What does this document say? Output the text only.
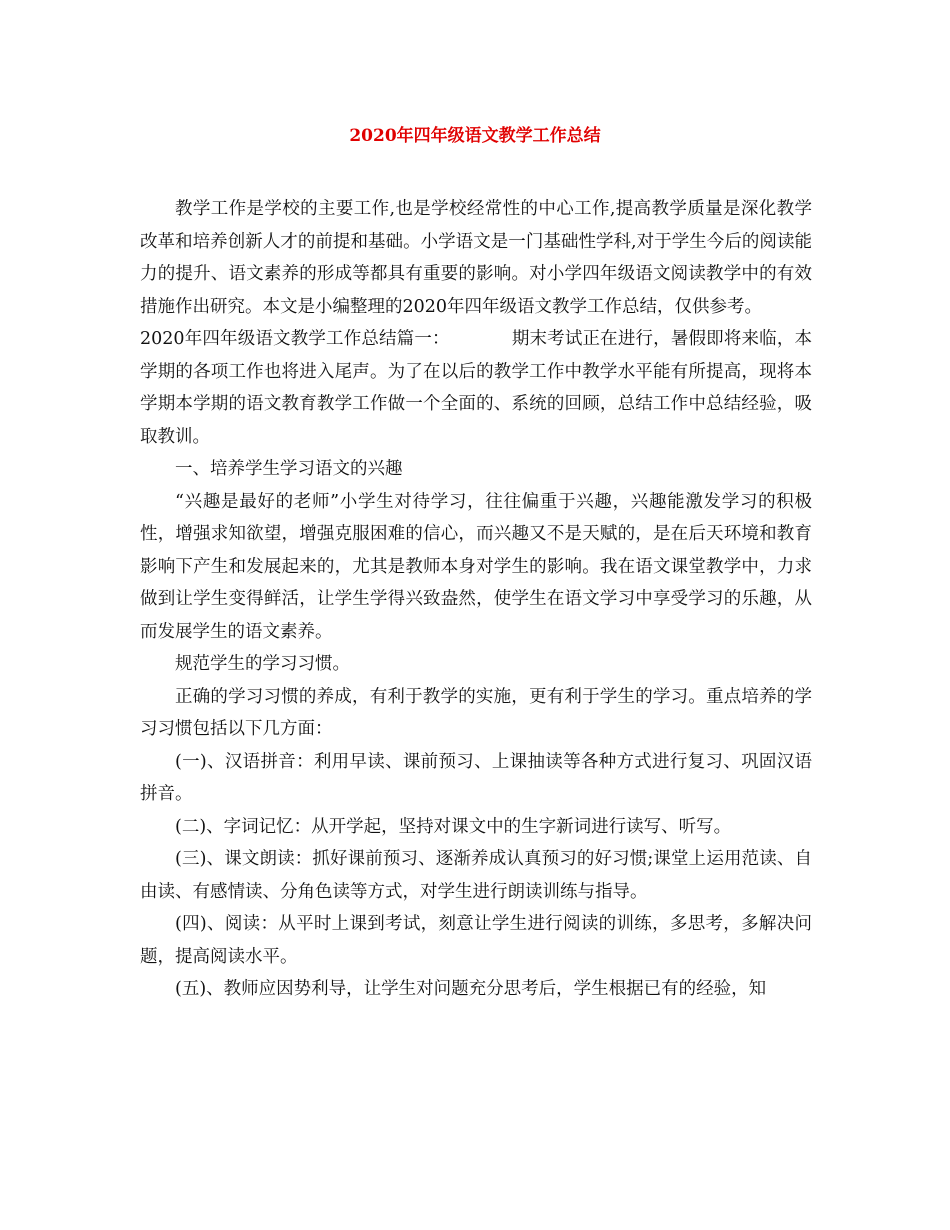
2020年四年级语文教学工作总结

教学工作是学校的主要工作,也是学校经常性的中心工作,提高教学质量是深化教学改革和培养创新人才的前提和基础。小学语文是一门基础性学科,对于学生今后的阅读能力的提升、语文素养的形成等都具有重要的影响。对小学四年级语文阅读教学中的有效措施作出研究。本文是小编整理的2020年四年级语文教学工作总结，仅供参考。

2020年四年级语文教学工作总结篇一：	期末考试正在进行，暑假即将来临，本学期的各项工作也将进入尾声。为了在以后的教学工作中教学水平能有所提高，现将本学期本学期的语文教育教学工作做一个全面的、系统的回顾，总结工作中总结经验，吸取教训。

一、培养学生学习语文的兴趣

“兴趣是最好的老师”小学生对待学习，往往偏重于兴趣，兴趣能激发学习的积极性，增强求知欲望，增强克服困难的信心，而兴趣又不是天赋的，是在后天环境和教育影响下产生和发展起来的，尤其是教师本身对学生的影响。我在语文课堂教学中，力求做到让学生变得鲜活，让学生学得兴致盎然，使学生在语文学习中享受学习的乐趣，从而发展学生的语文素养。

规范学生的学习习惯。

正确的学习习惯的养成，有利于教学的实施，更有利于学生的学习。重点培养的学习习惯包括以下几方面：

(一)、汉语拼音：利用早读、课前预习、上课抽读等各种方式进行复习、巩固汉语拼音。

(二)、字词记忆：从开学起，坚持对课文中的生字新词进行读写、听写。

(三)、课文朗读：抓好课前预习、逐渐养成认真预习的好习惯;课堂上运用范读、自由读、有感情读、分角色读等方式，对学生进行朗读训练与指导。

(四)、阅读：从平时上课到考试，刻意让学生进行阅读的训练，多思考，多解决问题，提高阅读水平。

(五)、教师应因势利导，让学生对问题充分思考后，学生根据已有的经验，知
